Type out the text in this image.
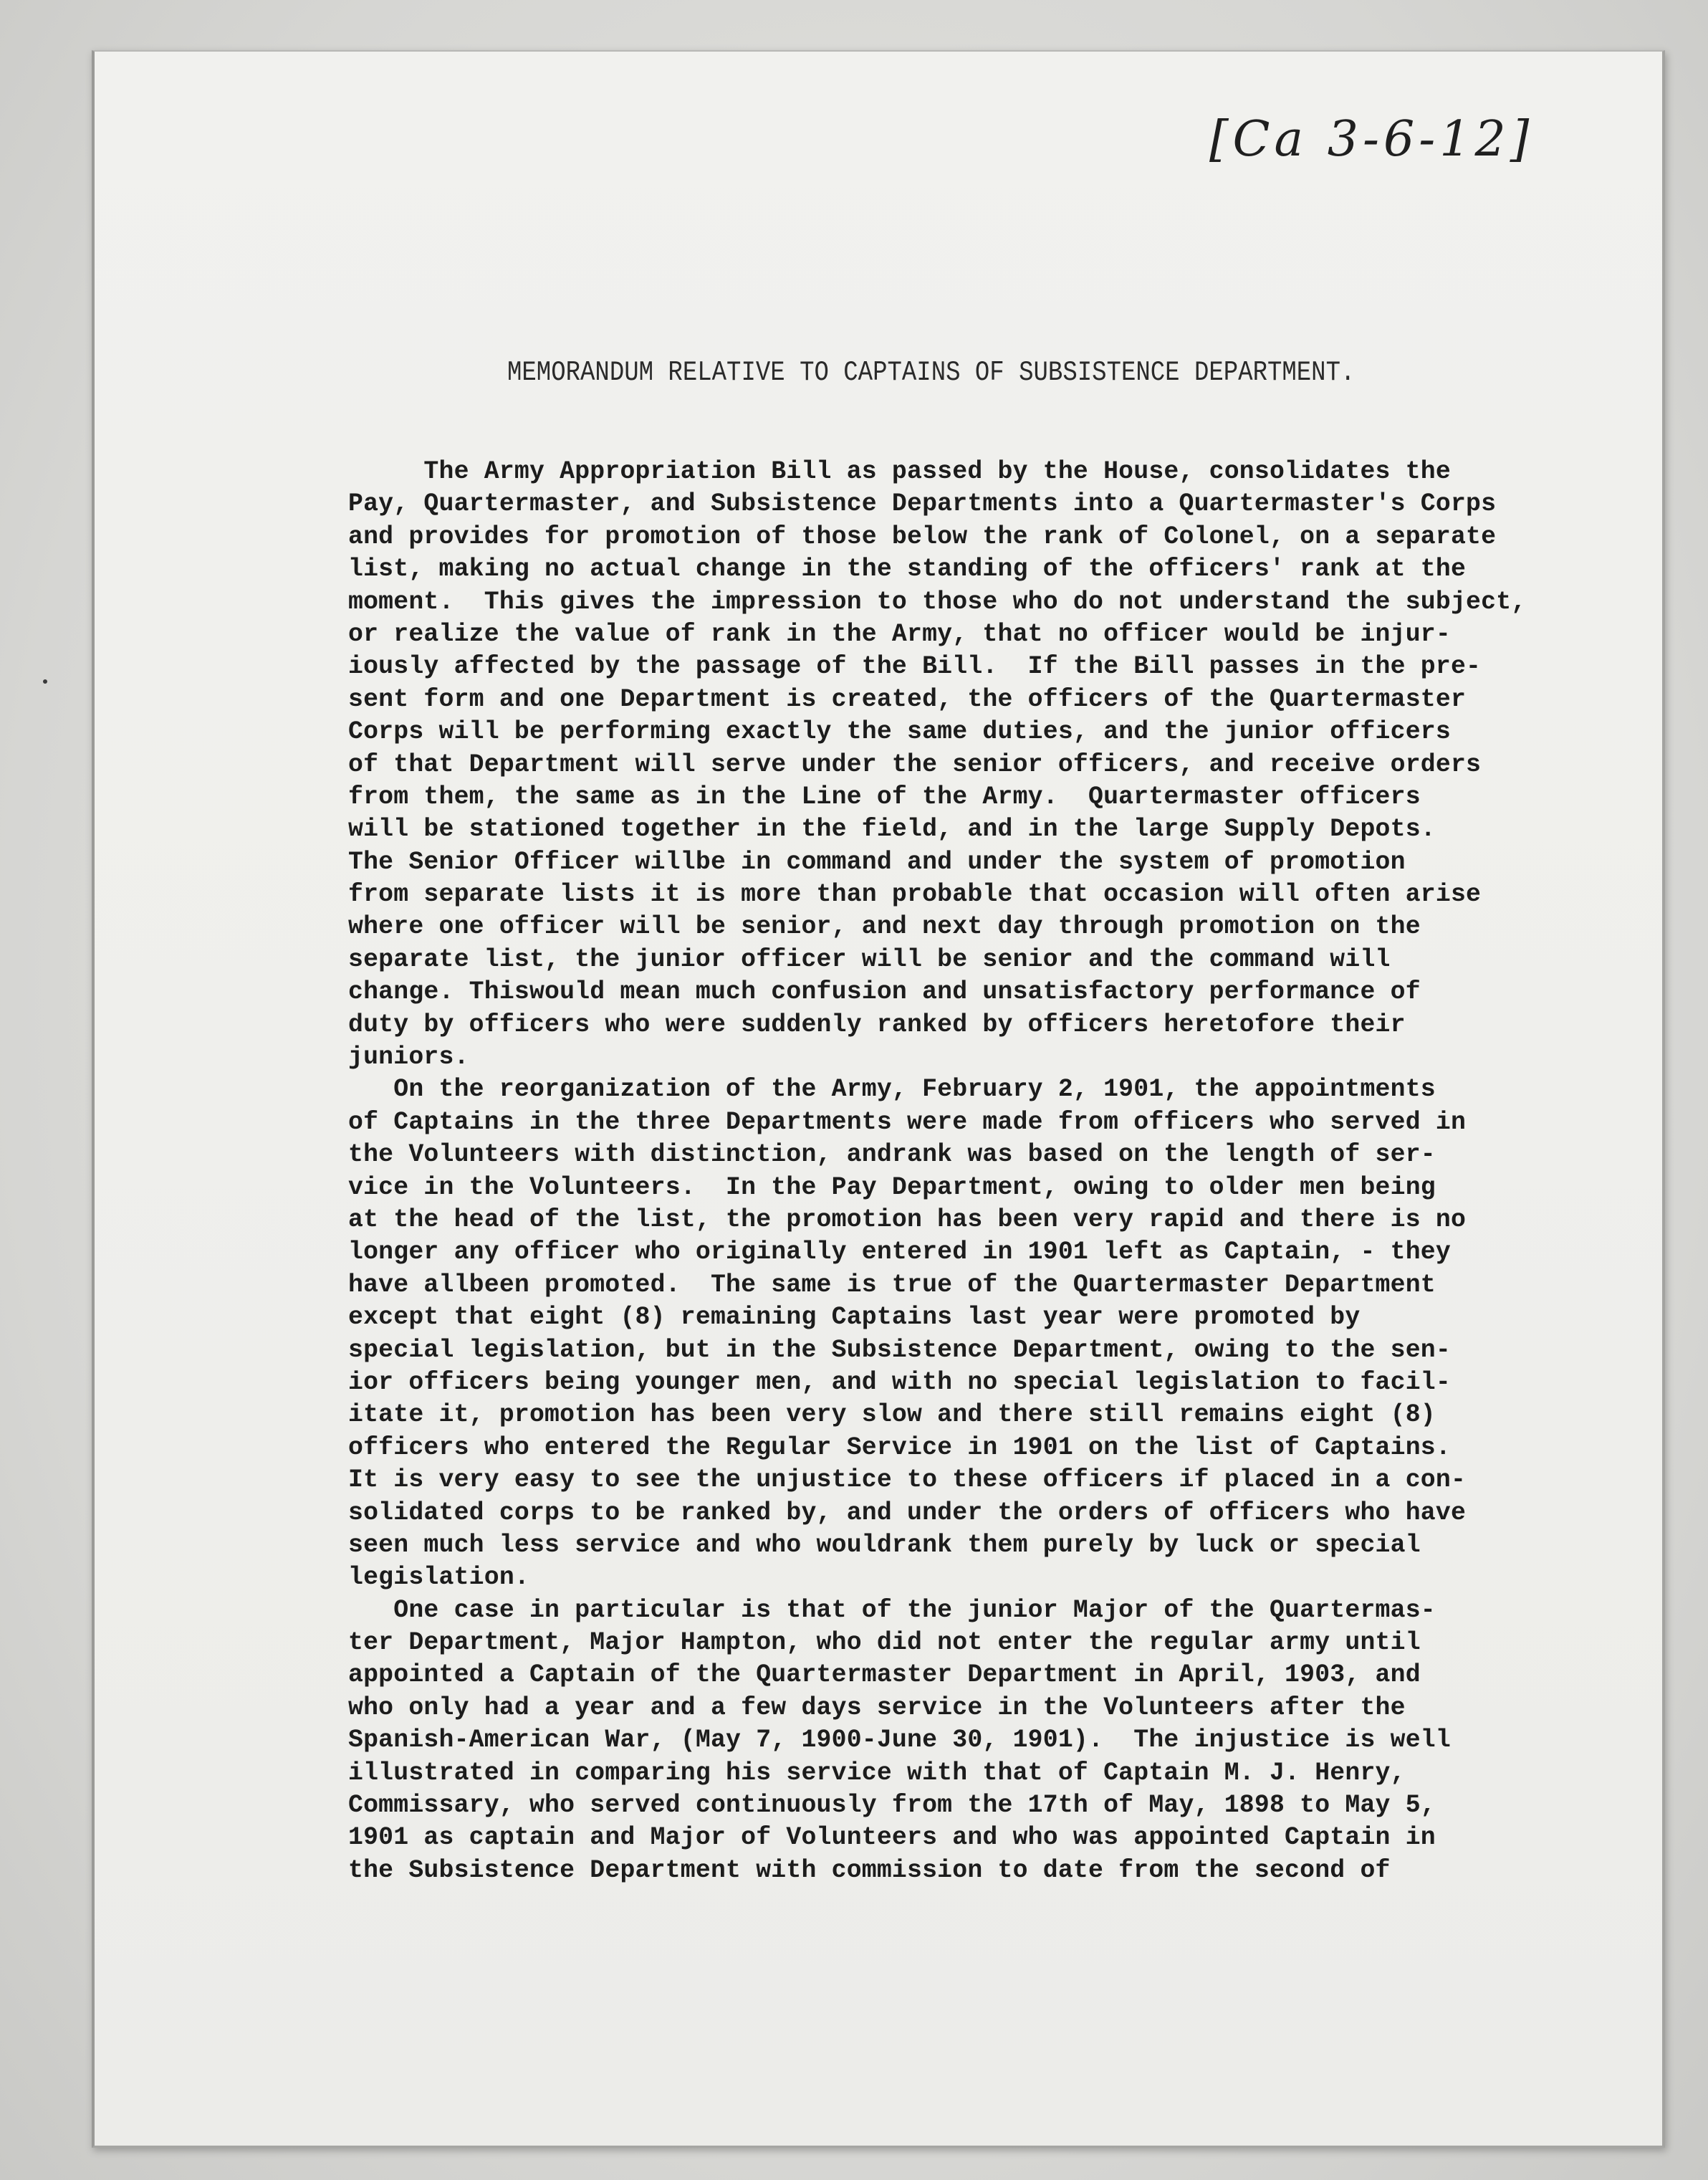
[Ca 3-6-12]
MEMORANDUM RELATIVE TO CAPTAINS OF SUBSISTENCE DEPARTMENT.
The Army Appropriation Bill as passed by the House, consolidates the
Pay, Quartermaster, and Subsistence Departments into a Quartermaster's Corps
and provides for promotion of those below the rank of Colonel, on a separate
list, making no actual change in the standing of the officers' rank at the
moment.  This gives the impression to those who do not understand the subject,
or realize the value of rank in the Army, that no officer would be injur-
iously affected by the passage of the Bill.  If the Bill passes in the pre-
sent form and one Department is created, the officers of the Quartermaster
Corps will be performing exactly the same duties, and the junior officers
of that Department will serve under the senior officers, and receive orders
from them, the same as in the Line of the Army.  Quartermaster officers
will be stationed together in the field, and in the large Supply Depots.
The Senior Officer willbe in command and under the system of promotion
from separate lists it is more than probable that occasion will often arise
where one officer will be senior, and next day through promotion on the
separate list, the junior officer will be senior and the command will
change. Thiswould mean much confusion and unsatisfactory performance of
duty by officers who were suddenly ranked by officers heretofore their
juniors.
On the reorganization of the Army, February 2, 1901, the appointments
of Captains in the three Departments were made from officers who served in
the Volunteers with distinction, andrank was based on the length of ser-
vice in the Volunteers.  In the Pay Department, owing to older men being
at the head of the list, the promotion has been very rapid and there is no
longer any officer who originally entered in 1901 left as Captain, - they
have allbeen promoted.  The same is true of the Quartermaster Department
except that eight (8) remaining Captains last year were promoted by
special legislation, but in the Subsistence Department, owing to the sen-
ior officers being younger men, and with no special legislation to facil-
itate it, promotion has been very slow and there still remains eight (8)
officers who entered the Regular Service in 1901 on the list of Captains.
It is very easy to see the unjustice to these officers if placed in a con-
solidated corps to be ranked by, and under the orders of officers who have
seen much less service and who wouldrank them purely by luck or special
legislation.
One case in particular is that of the junior Major of the Quartermas-
ter Department, Major Hampton, who did not enter the regular army until
appointed a Captain of the Quartermaster Department in April, 1903, and
who only had a year and a few days service in the Volunteers after the
Spanish-American War, (May 7, 1900-June 30, 1901).  The injustice is well
illustrated in comparing his service with that of Captain M. J. Henry,
Commissary, who served continuously from the 17th of May, 1898 to May 5,
1901 as captain and Major of Volunteers and who was appointed Captain in
the Subsistence Department with commission to date from the second of
